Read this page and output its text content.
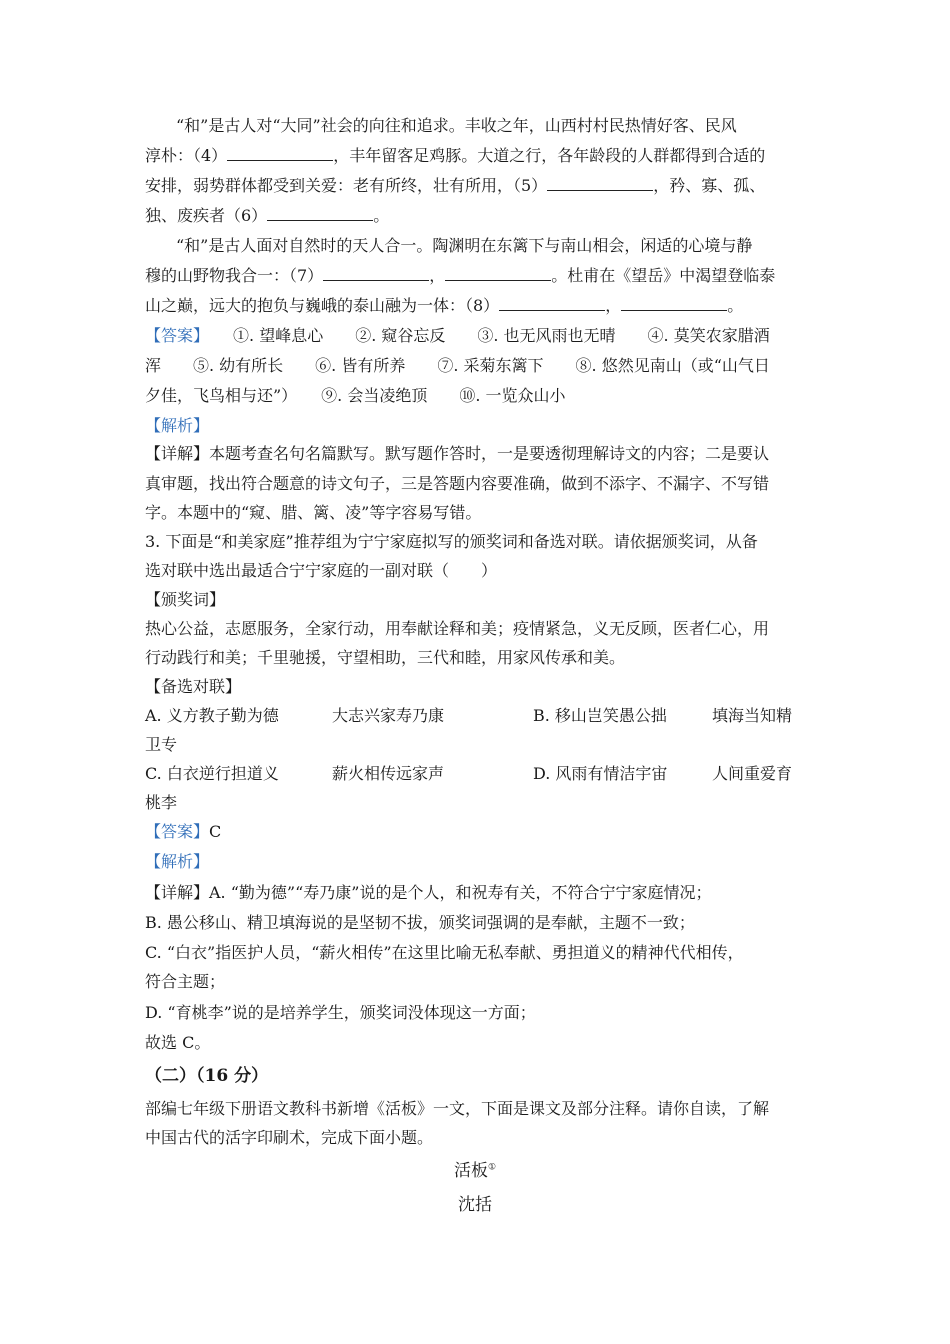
“和”是古人对“大同”社会的向往和追求。丰收之年，山西村村民热情好客、民风
淳朴：（4）	，丰年留客足鸡豚。大道之行，各年龄段的人群都得到合适的
安排，弱势群体都受到关爱：老有所终，壮有所用，（5）	，矜、寡、孤、
独、废疾者（6）	。
“和”是古人面对自然时的天人合一。陶渊明在东篱下与南山相会，闲适的心境与静
穆的山野物我合一：（7）	，	。杜甫在《望岳》中渴望登临泰
山之巅，远大的抱负与巍峨的泰山融为一体：（8）	，	。
【答案】 ①. 望峰息心　　②. 窥谷忘反　　③. 也无风雨也无晴　　④. 莫笑农家腊酒
浑　　⑤. 幼有所长　　⑥. 皆有所养　　⑦. 采菊东篱下　　⑧. 悠然见南山（或“山气日
夕佳，飞鸟相与还”）　　⑨. 会当凌绝顶　　⑩. 一览众山小
【解析】
【详解】本题考查名句名篇默写。默写题作答时，一是要透彻理解诗文的内容；二是要认
真审题，找出符合题意的诗文句子，三是答题内容要准确，做到不添字、不漏字、不写错
字。本题中的“窥、腊、篱、凌”等字容易写错。
3. 下面是“和美家庭”推荐组为宁宁家庭拟写的颁奖词和备选对联。请依据颁奖词，从备
选对联中选出最适合宁宁家庭的一副对联（　　）
【颁奖词】
热心公益，志愿服务，全家行动，用奉献诠释和美；疫情紧急，义无反顾，医者仁心，用
行动践行和美；千里驰援，守望相助，三代和睦，用家风传承和美。
【备选对联】
A. 义方教子勤为德	大志兴家寿乃康	B. 移山岂笑愚公拙	填海当知精
卫专
C. 白衣逆行担道义	薪火相传远家声	D. 风雨有情洁宇宙	人间重爱育
桃李
【答案】C
【解析】
【详解】A. “勤为德”“寿乃康”说的是个人，和祝寿有关，不符合宁宁家庭情况；
B. 愚公移山、精卫填海说的是坚韧不拔，颁奖词强调的是奉献，主题不一致；
C. “白衣”指医护人员，“薪火相传”在这里比喻无私奉献、勇担道义的精神代代相传，
符合主题；
D. “育桃李”说的是培养学生，颁奖词没体现这一方面；
故选 C。
（二）（16 分）
部编七年级下册语文教科书新增《活板》一文，下面是课文及部分注释。请你自读，了解
中国古代的活字印刷术，完成下面小题。
活板①
沈括
